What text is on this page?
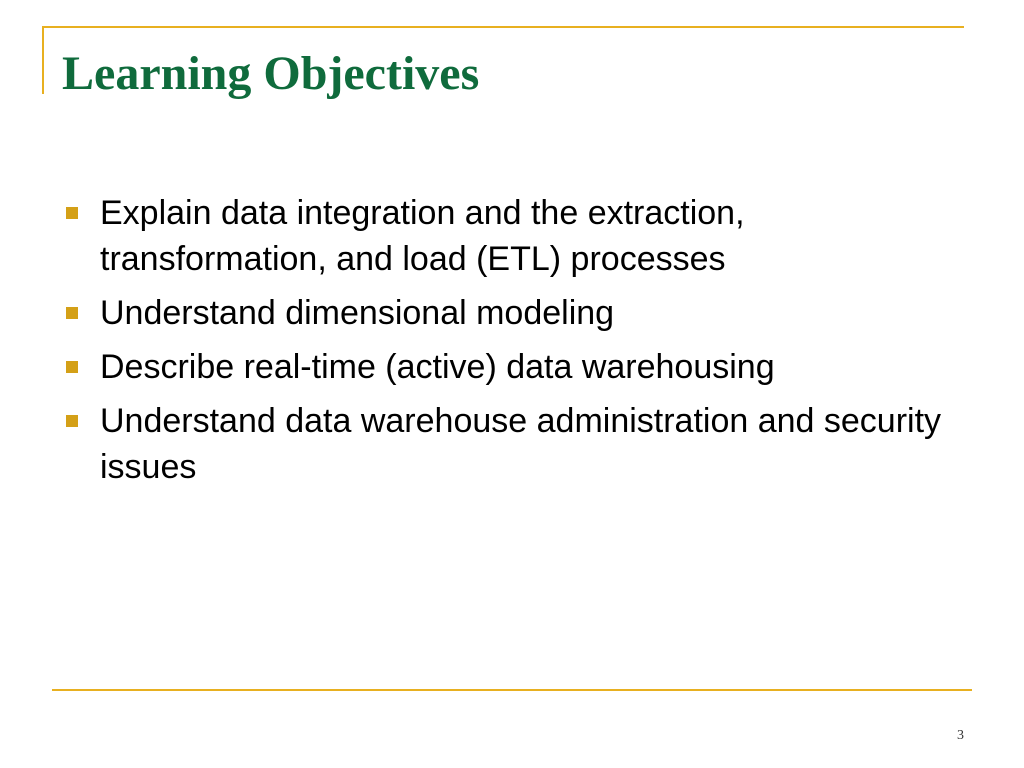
Learning Objectives
Explain data integration and the extraction, transformation, and load (ETL) processes
Understand dimensional modeling
Describe real-time (active) data warehousing
Understand data warehouse administration and security issues
3
